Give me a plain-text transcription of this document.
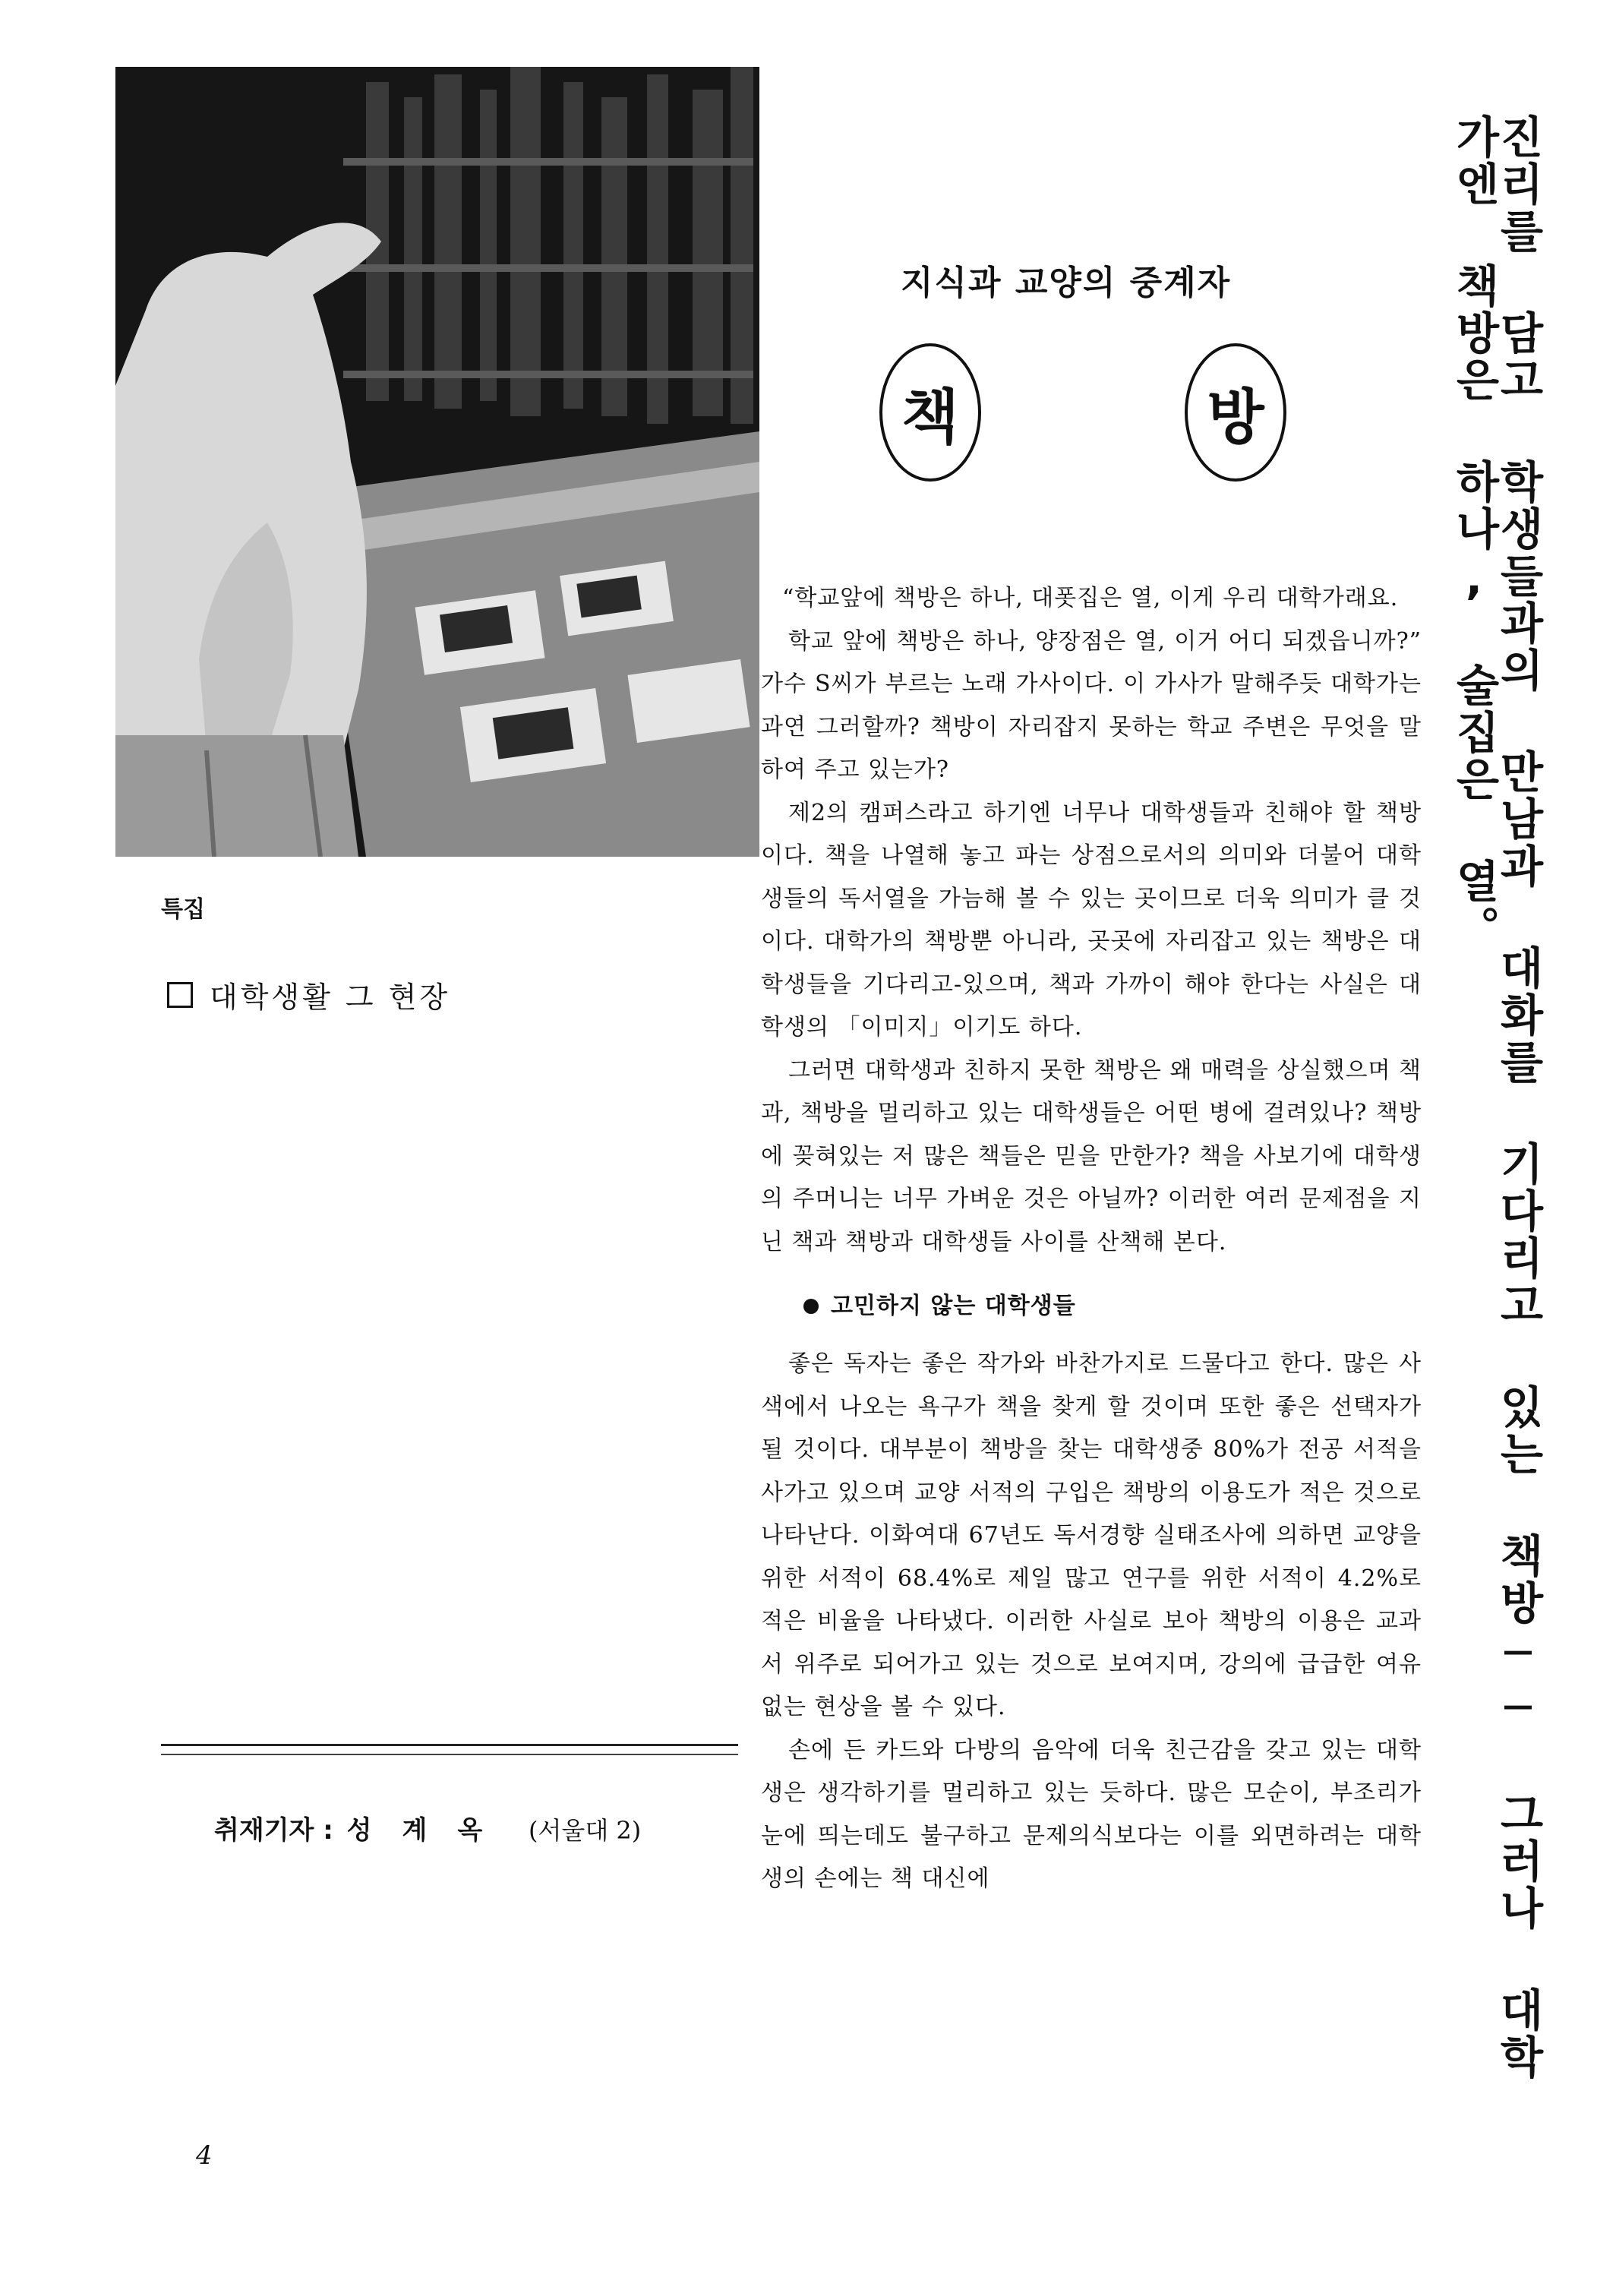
특집
대학생활 그 현장
취재기자 : 성계옥 (서울대 2)
4
지식과 교양의 중계자
책	방

“학교앞에 책방은 하나, 대폿집은 열, 이게 우리 대학가래요.

학교 앞에 책방은 하나, 양장점은 열, 이거 어디 되겠읍니까?” 가수 S씨가 부르는 노래 가사이다. 이 가사가 말해주듯 대학가는 과연 그러할까? 책방이 자리잡지 못하는 학교 주변은 무엇을 말하여 주고 있는가?

제2의 캠퍼스라고 하기엔 너무나 대학생들과 친해야 할 책방이다. 책을 나열해 놓고 파는 상점으로서의 의미와 더불어 대학생들의 독서열을 가늠해 볼 수 있는 곳이므로 더욱 의미가 클 것이다. 대학가의 책방뿐 아니라, 곳곳에 자리잡고 있는 책방은 대학생들을 기다리고-있으며, 책과 가까이 해야 한다는 사실은 대학생의 「이미지」이기도 하다.

그러면 대학생과 친하지 못한 책방은 왜 매력을 상실했으며 책과, 책방을 멀리하고 있는 대학생들은 어떤 병에 걸려있나? 책방에 꽂혀있는 저 많은 책들은 믿을 만한가? 책을 사보기에 대학생의 주머니는 너무 가벼운 것은 아닐까? 이러한 여러 문제점을 지닌 책과 책방과 대학생들 사이를 산책해 본다.

고민하지 않는 대학생들

좋은 독자는 좋은 작가와 바찬가지로 드물다고 한다. 많은 사색에서 나오는 욕구가 책을 찾게 할 것이며 또한 좋은 선택자가 될 것이다. 대부분이 책방을 찾는 대학생중 80%가 전공 서적을 사가고 있으며 교양 서적의 구입은 책방의 이용도가 적은 것으로 나타난다. 이화여대 67년도 독서경향 실태조사에 의하면 교양을 위한 서적이 68.4%로 제일 많고 연구를 위한 서적이 4.2%로 적은 비율을 나타냈다. 이러한 사실로 보아 책방의 이용은 교과서 위주로 되어가고 있는 것으로 보여지며, 강의에 급급한 여유없는 현상을 볼 수 있다.

손에 든 카드와 다방의 음악에 더욱 친근감을 갖고 있는 대학생은 생각하기를 멀리하고 있는 듯하다. 많은 모순이, 부조리가 눈에 띄는데도 불구하고 문제의식보다는 이를 외면하려는 대학생의 손에는 책 대신에	진리를 담고 학생들과의 만남과 대화를 기다리고 있는 책방── 그러나 대학가엔 책방은 하나, 술집은 열。
